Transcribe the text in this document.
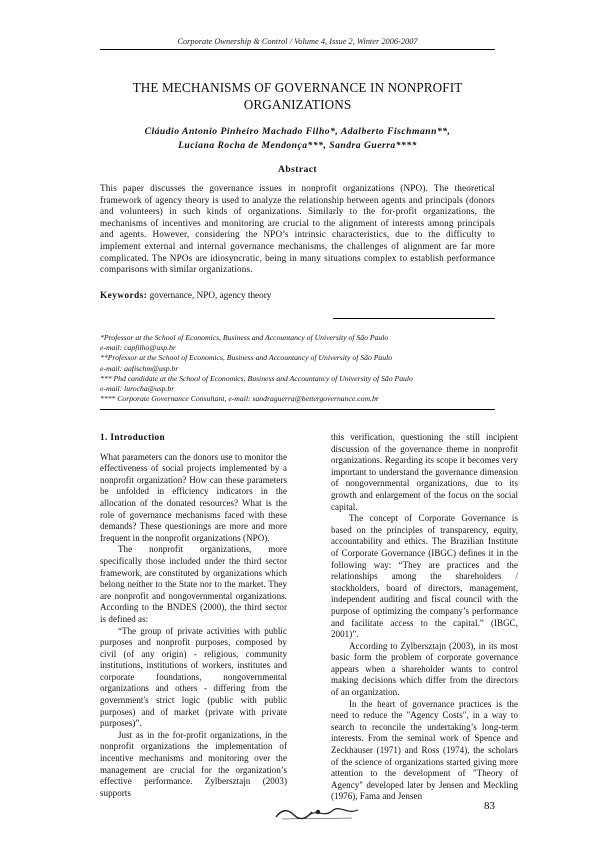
Corporate Ownership & Control / Volume 4, Issue 2, Winter 2006-2007
THE MECHANISMS OF GOVERNANCE IN NONPROFIT ORGANIZATIONS
Cláudio Antonio Pinheiro Machado Filho*, Adalberto Fischmann**,
Luciana Rocha de Mendonça***, Sandra Guerra****
Abstract
This paper discusses the governance issues in nonprofit organizations (NPO). The theoretical framework of agency theory is used to analyze the relationship between agents and principals (donors and volunteers) in such kinds of organizations. Similarly to the for-profit organizations, the mechanisms of incentives and monitoring are crucial to the alignment of interests among principals and agents. However, considering the NPO’s intrinsic characteristics, due to the difficulty to implement external and internal governance mechanisms, the challenges of alignment are far more complicated. The NPOs are idiosyncratic, being in many situations complex to establish performance comparisons with similar organizations.
Keywords: governance, NPO, agency theory
*Professor at the School of Economics, Business and Accountancy of University of São Paulo
e-mail: capfilho@usp.br
**Professor at the School of Economics, Business and Accountancy of University of São Paulo
e-mail: aafischm@usp.br
*** Phd candidate at the School of Economics, Business and Accountancy of University of São Paulo
e-mail: lurocha@usp.br
**** Corporate Governance Consultant, e-mail: sandraguerra@bettergovernance.com.br

1. Introduction

What parameters can the donors use to monitor the effectiveness of social projects implemented by a nonprofit organization? How can these parameters be unfolded in efficiency indicators in the allocation of the donated resources? What is the role of governance mechanisms faced with these demands? These questionings are more and more frequent in the nonprofit organizations (NPO).

The nonprofit organizations, more specifically those included under the third sector framework, are constituted by organizations which belong neither to the State nor to the market. They are nonprofit and nongovernmental organizations. According to the BNDES (2000), the third sector is defined as:

“The group of private activities with public purposes and nonprofit purposes, composed by civil (of any origin) - religious, community institutions, institutions of workers, institutes and corporate foundations, nongovernmental organizations and others - differing from the government's strict logic (public with public purposes) and of market (private with private purposes)”.

Just as in the for-profit organizations, in the nonprofit organizations the implementation of incentive mechanisms and monitoring over the management are crucial for the organization’s effective performance. Zylbersztajn (2003) supports

this verification, questioning the still incipient discussion of the governance theme in nonprofit organizations. Regarding its scope it becomes very important to understand the governance dimension of nongovernmental organizations, due to its growth and enlargement of the focus on the social capital.

The concept of Corporate Governance is based on the principles of transparency, equity, accountability and ethics. The Brazilian Institute of Corporate Governance (IBGC) defines it in the following way: “They are practices and the relationships among the shareholders / stockholders, board of directors, management, independent auditing and fiscal council with the purpose of optimizing the company’s performance and facilitate access to the capital.” (IBGC, 2001)”.

According to Zylbersztajn (2003), in its most basic form the problem of corporate governance appears when a shareholder wants to control making decisions which differ from the directors of an organization.

In the heart of governance practices is the need to reduce the "Agency Costs", in a way to search to reconcile the undertaking’s long-term interests. From the seminal work of Spence and Zeckhauser (1971) and Ross (1974), the scholars of the science of organizations started giving more attention to the development of "Theory of Agency" developed later by Jensen and Meckling (1976), Fama and Jensen

83
